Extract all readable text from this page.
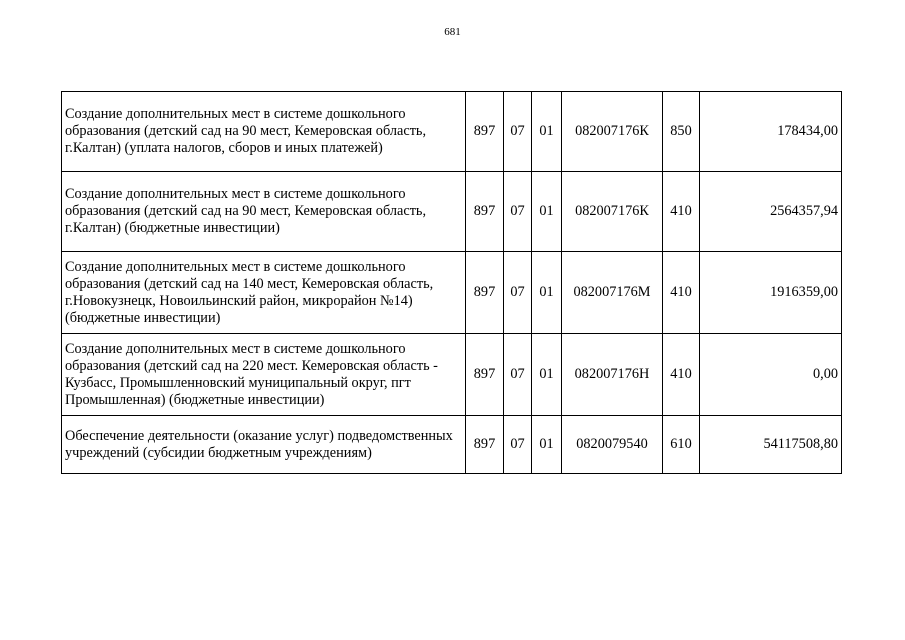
681
Создание дополнительных мест в системе дошкольного образования (детский сад на 90 мест, Кемеровская область, г.Калтан) (уплата налогов, сборов и иных платежей)	897	07	01	082007176К	850	178434,00
Создание дополнительных мест в системе дошкольного образования (детский сад на 90 мест, Кемеровская область, г.Калтан) (бюджетные инвестиции)	897	07	01	082007176К	410	2564357,94
Создание дополнительных мест в системе дошкольного образования (детский сад на 140 мест, Кемеровская область, г.Новокузнецк, Новоильинский район, микрорайон №14) (бюджетные инвестиции)	897	07	01	082007176М	410	1916359,00
Создание дополнительных мест в системе дошкольного образования (детский сад на 220 мест. Кемеровская область - Кузбасс, Промышленновский муниципальный округ, пгт Промышленная) (бюджетные инвестиции)	897	07	01	082007176Н	410	0,00
Обеспечение деятельности (оказание услуг) подведомственных учреждений (субсидии бюджетным учреждениям)	897	07	01	0820079540	610	54117508,80
